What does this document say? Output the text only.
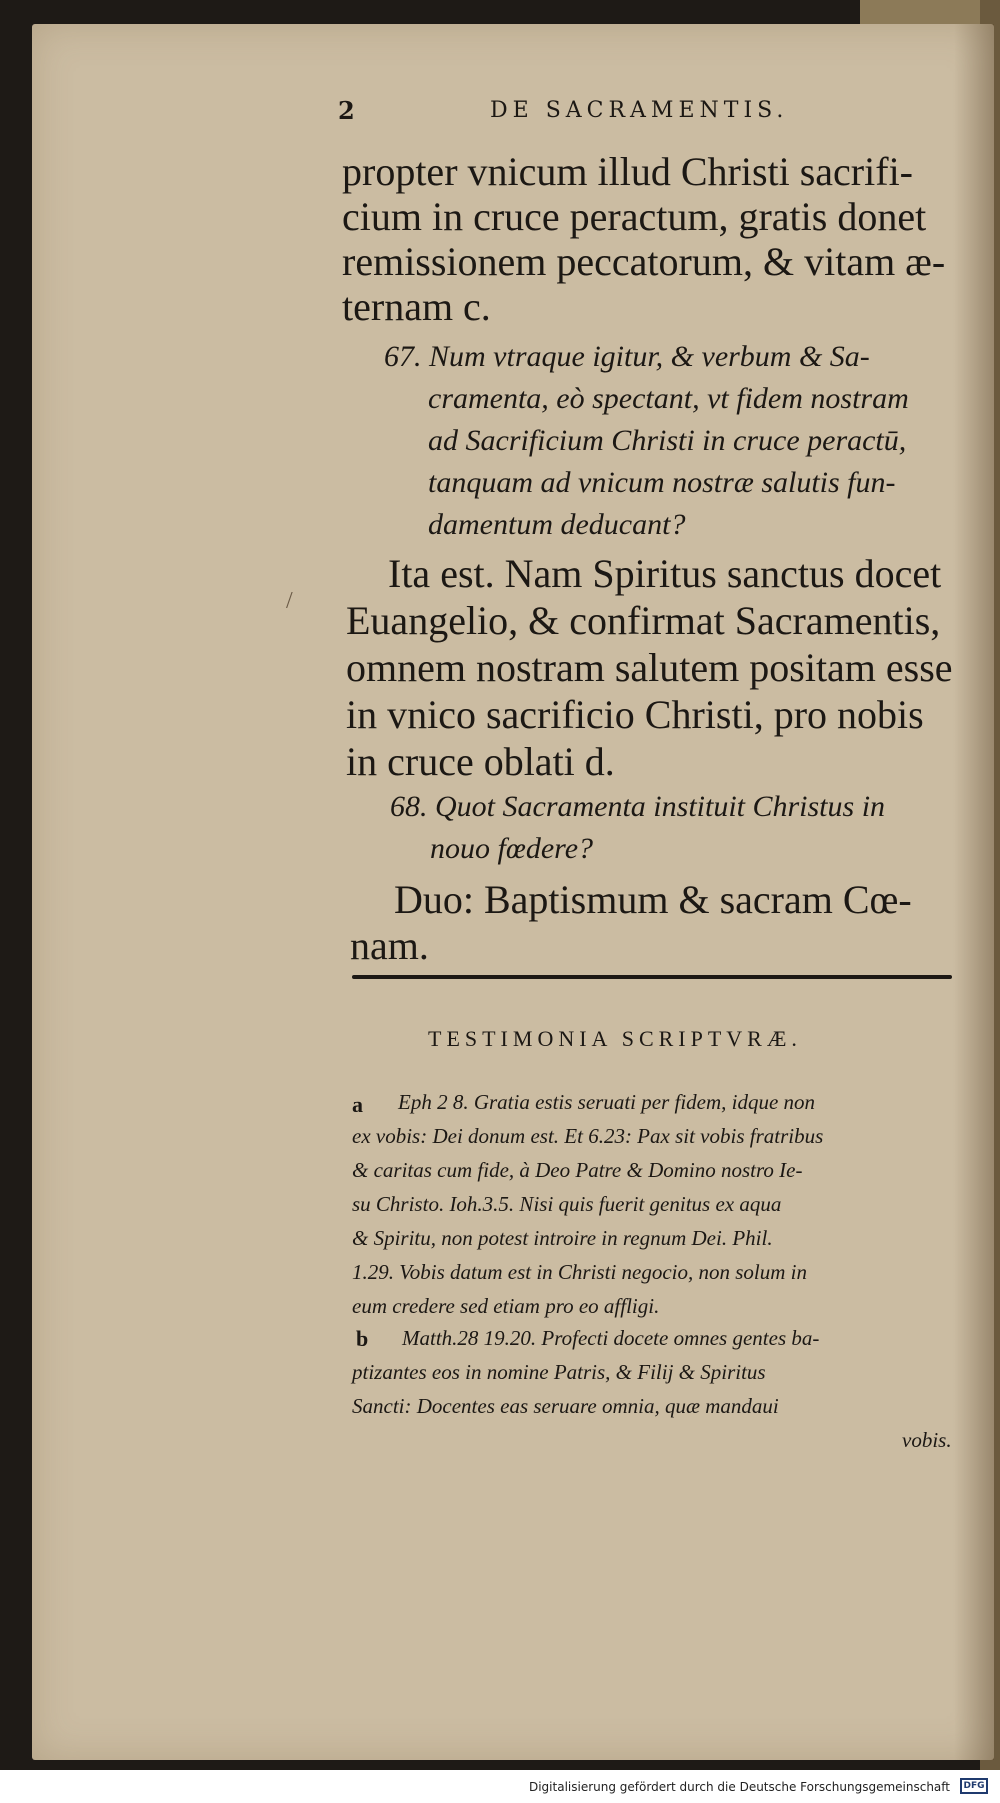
2	DE SACRAMENTIS.
propter vnicum illud Christi sacrifi-
cium in cruce peractum, gratis donet
remissionem peccatorum, & vitam æ-
ternam c.
67. Num vtraque igitur, & verbum & Sa-
cramenta, eò spectant, vt fidem nostram
ad Sacrificium Christi in cruce peractū,
tanquam ad vnicum nostræ salutis fun-
damentum deducant?
Ita est. Nam Spiritus sanctus docet
Euangelio, & confirmat Sacramentis,
omnem nostram salutem positam esse
in vnico sacrificio Christi, pro nobis
in cruce oblati d.
/
68. Quot Sacramenta instituit Christus in
nouo fœdere?
Duo: Baptismum & sacram Cœ-
nam.
TESTIMONIA SCRIPTVRÆ.
a Eph 2 8. Gratia estis seruati per fidem, idque non
ex vobis: Dei donum est. Et 6.23: Pax sit vobis fratribus
& caritas cum fide, à Deo Patre & Domino nostro Ie-
su Christo. Ioh.3.5. Nisi quis fuerit genitus ex aqua
& Spiritu, non potest introire in regnum Dei. Phil.
1.29. Vobis datum est in Christi negocio, non solum in
eum credere sed etiam pro eo affligi.
b Matth.28 19.20. Profecti docete omnes gentes ba-
ptizantes eos in nomine Patris, & Filij & Spiritus
Sancti: Docentes eas seruare omnia, quæ mandaui
vobis.
Digitalisierung gefördert durch die Deutsche Forschungsgemeinschaft	DFG
